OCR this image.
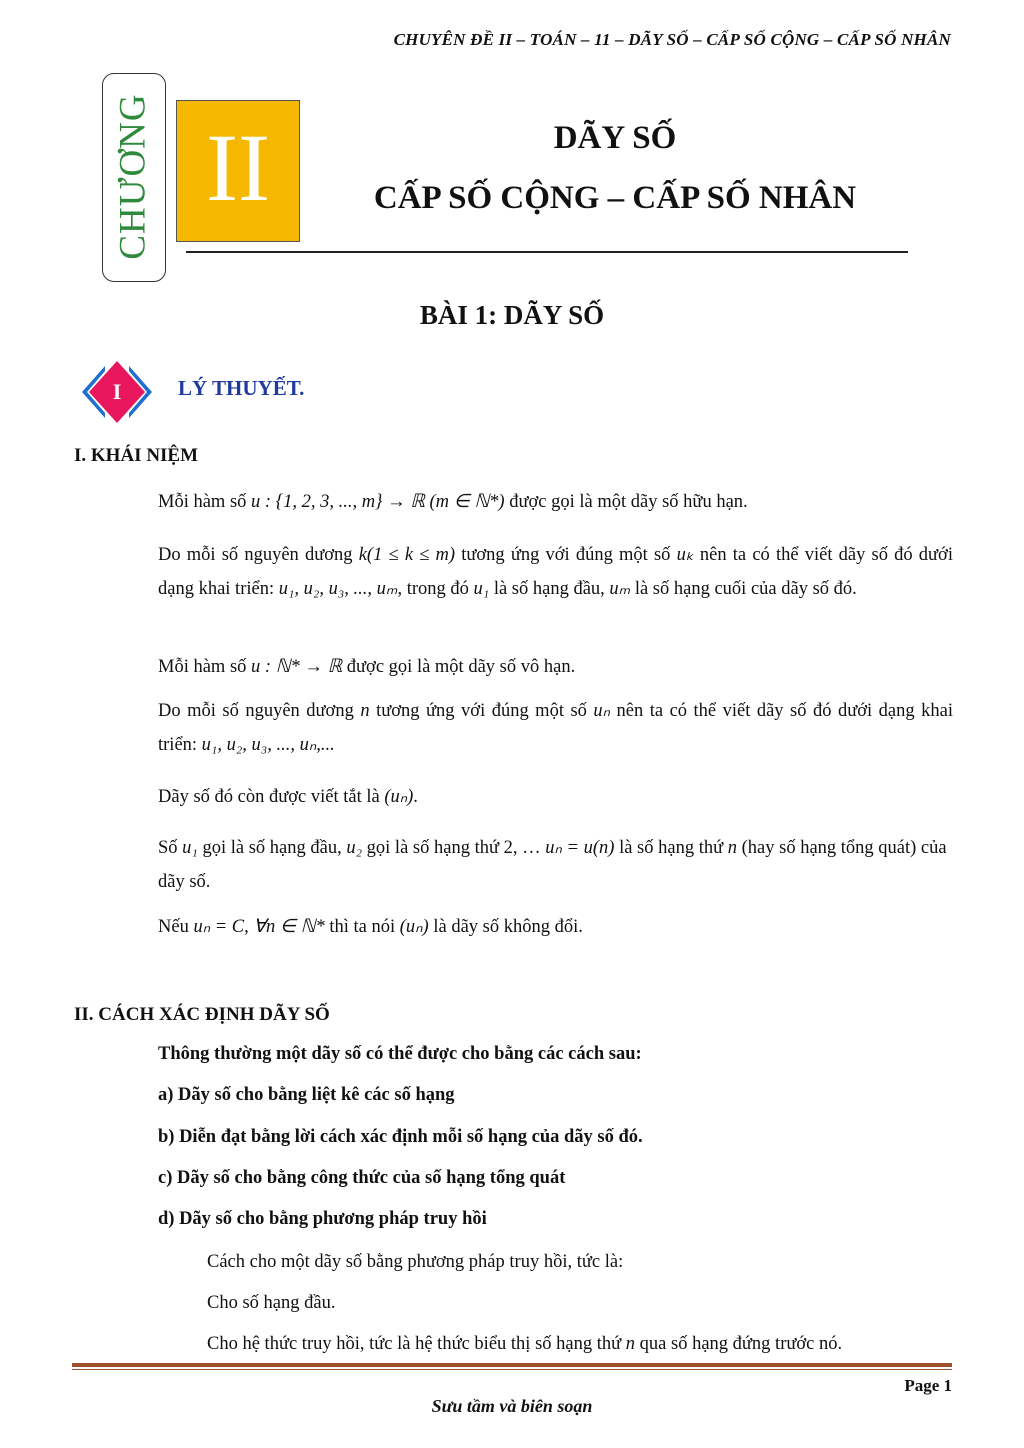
CHUYÊN ĐỀ II – TOÁN – 11 – DÃY SỐ – CẤP SỐ CỘNG – CẤP SỐ NHÂN
CHƯƠNG II	DÃY SỐ
CẤP SỐ CỘNG – CẤP SỐ NHÂN
BÀI 1: DÃY SỐ
I	LÝ THUYẾT.
I. KHÁI NIỆM
Mỗi hàm số u : {1, 2, 3, ..., m} → ℝ (m ∈ ℕ*) được gọi là một dãy số hữu hạn.
Do mỗi số nguyên dương k(1 ≤ k ≤ m) tương ứng với đúng một số uₖ nên ta có thể viết dãy số đó dưới dạng khai triển: u₁, u₂, u₃, ..., uₘ, trong đó u₁ là số hạng đầu, uₘ là số hạng cuối của dãy số đó.
Mỗi hàm số u : ℕ* → ℝ được gọi là một dãy số vô hạn.
Do mỗi số nguyên dương n tương ứng với đúng một số uₙ nên ta có thể viết dãy số đó dưới dạng khai triển: u₁, u₂, u₃, ..., uₙ,...
Dãy số đó còn được viết tắt là (uₙ).
Số u₁ gọi là số hạng đầu, u₂ gọi là số hạng thứ 2, … uₙ = u(n) là số hạng thứ n (hay số hạng tổng quát) của dãy số.
Nếu uₙ = C, ∀n ∈ ℕ* thì ta nói (uₙ) là dãy số không đổi.
II. CÁCH XÁC ĐỊNH DÃY SỐ
Thông thường một dãy số có thể được cho bằng các cách sau:
a) Dãy số cho bằng liệt kê các số hạng
b) Diễn đạt bằng lời cách xác định mỗi số hạng của dãy số đó.
c) Dãy số cho bằng công thức của số hạng tổng quát
d) Dãy số cho bằng phương pháp truy hồi
Cách cho một dãy số bằng phương pháp truy hồi, tức là:
Cho số hạng đầu.
Cho hệ thức truy hồi, tức là hệ thức biểu thị số hạng thứ n qua số hạng đứng trước nó.
Page 1
Sưu tầm và biên soạn
